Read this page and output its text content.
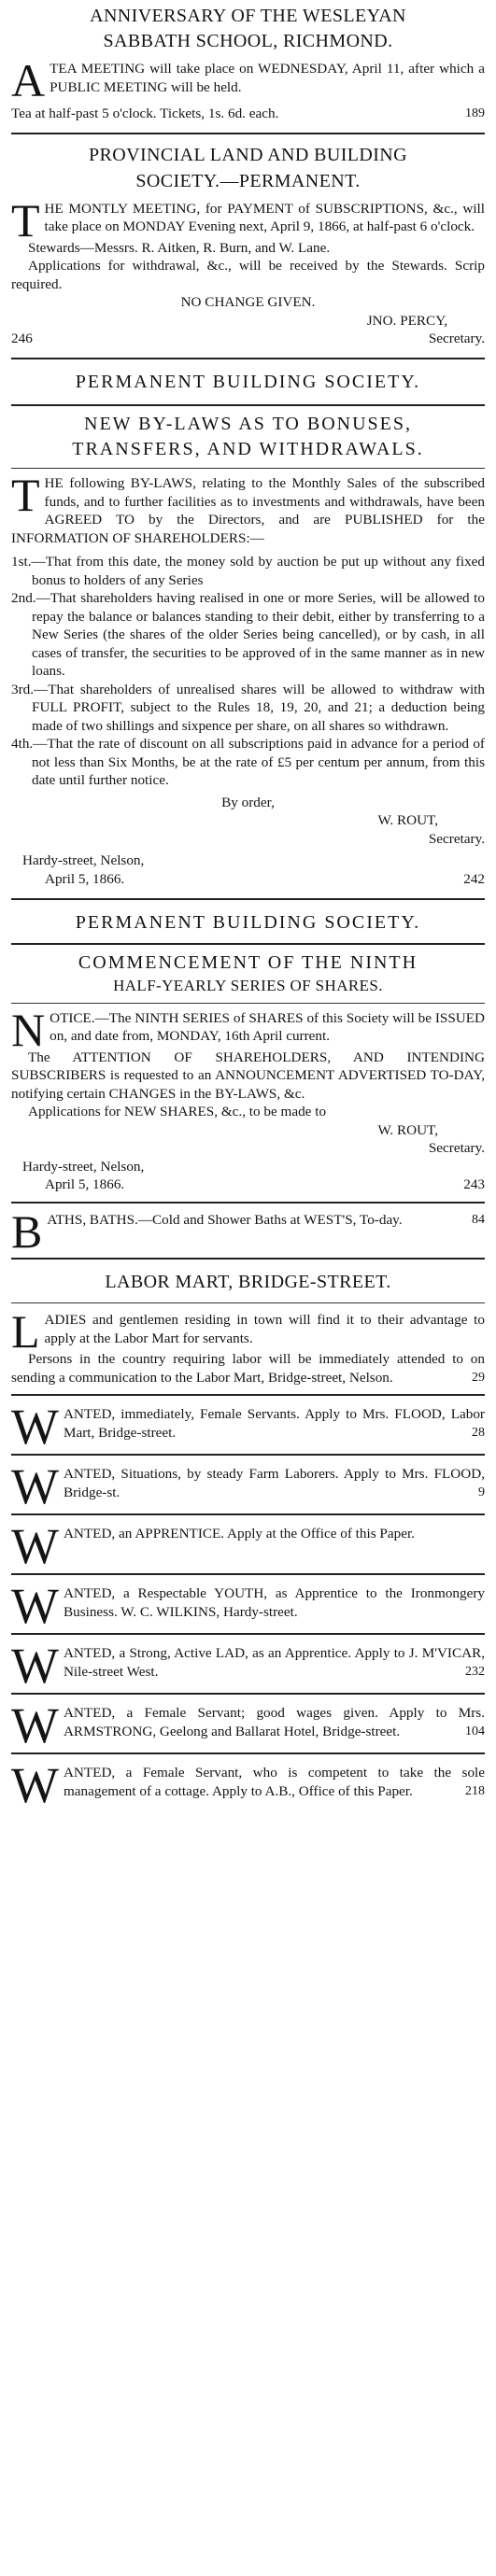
ANNIVERSARY OF THE WESLEYAN

SABBATH SCHOOL, RICHMOND.

A TEA MEETING will take place on WEDNESDAY, April 11, after which a PUBLIC MEETING will be held.

Tea at half-past 5 o'clock. Tickets, 1s. 6d. each.	189

PROVINCIAL LAND AND BUILDING

SOCIETY.—PERMANENT.

T HE MONTLY MEETING, for PAYMENT of SUBSCRIPTIONS, &c., will take place on MONDAY Evening next, April 9, 1866, at half-past 6 o'clock.

Stewards—Messrs. R. Aitken, R. Burn, and W. Lane.

Applications for withdrawal, &c., will be received by the Stewards. Scrip required.

NO CHANGE GIVEN.

JNO. PERCY,

246	Secretary.

PERMANENT BUILDING SOCIETY.

NEW BY-LAWS AS TO BONUSES,

TRANSFERS, AND WITHDRAWALS.

T HE following BY-LAWS, relating to the Monthly Sales of the subscribed funds, and to further facilities as to investments and withdrawals, have been AGREED TO by the Directors, and are PUBLISHED for the INFORMATION OF SHAREHOLDERS:—

1st.—That from this date, the money sold by auction be put up without any fixed bonus to holders of any Series

2nd.—That shareholders having realised in one or more Series, will be allowed to repay the balance or balances standing to their debit, either by transferring to a New Series (the shares of the older Series being cancelled), or by cash, in all cases of transfer, the securities to be approved of in the same manner as in new loans.

3rd.—That shareholders of unrealised shares will be allowed to withdraw with FULL PROFIT, subject to the Rules 18, 19, 20, and 21; a deduction being made of two shillings and sixpence per share, on all shares so withdrawn.

4th.—That the rate of discount on all subscriptions paid in advance for a period of not less than Six Months, be at the rate of £5 per centum per annum, from this date until further notice.

By order,

W. ROUT,

Secretary.

Hardy-street, Nelson,

April 5, 1866.	242

PERMANENT BUILDING SOCIETY.

COMMENCEMENT OF THE NINTH

HALF-YEARLY SERIES OF SHARES.

N OTICE.—The NINTH SERIES of SHARES of this Society will be ISSUED on, and date from, MONDAY, 16th April current.

The ATTENTION OF SHAREHOLDERS, AND INTENDING SUBSCRIBERS is requested to an ANNOUNCEMENT ADVERTISED TO-DAY, notifying certain CHANGES in the BY-LAWS, &c.

Applications for NEW SHARES, &c., to be made to

W. ROUT,

Secretary.

Hardy-street, Nelson,

April 5, 1866.	243
B ATHS, BATHS.—Cold and Shower Baths at WEST'S, To-day.	84

LABOR MART, BRIDGE-STREET.

L ADIES and gentlemen residing in town will find it to their advantage to apply at the Labor Mart for servants.

Persons in the country requiring labor will be immediately attended to on sending a communication to the Labor Mart, Bridge-street, Nelson.	29

W ANTED, immediately, Female Servants. Apply to Mrs. FLOOD, Labor Mart, Bridge-street.	28

W ANTED, Situations, by steady Farm Laborers. Apply to Mrs. FLOOD, Bridge-st.	9

W ANTED, an APPRENTICE. Apply at the Office of this Paper.

W ANTED, a Respectable YOUTH, as Apprentice to the Ironmongery Business. W. C. WILKINS, Hardy-street.

W ANTED, a Strong, Active LAD, as an Apprentice. Apply to J. M'VICAR, Nile-street West.	232

W ANTED, a Female Servant; good wages given. Apply to Mrs. ARMSTRONG, Geelong and Ballarat Hotel, Bridge-street.	104

W ANTED, a Female Servant, who is competent to take the sole management of a cottage. Apply to A.B., Office of this Paper.	218
